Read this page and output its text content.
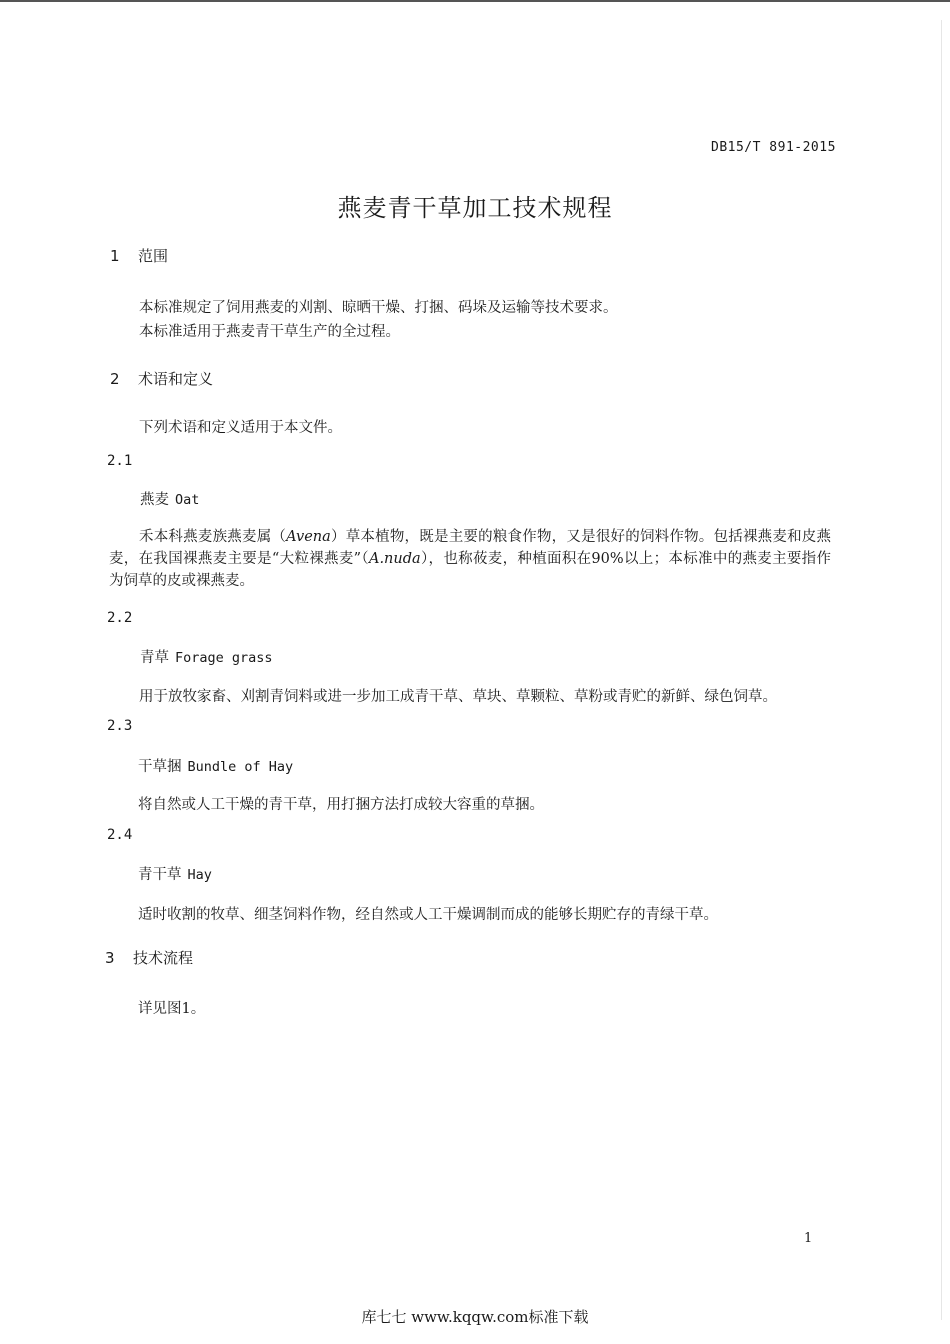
DB15/T 891-2015
燕麦青干草加工技术规程
1 范围
本标准规定了饲用燕麦的刈割、晾晒干燥、打捆、码垛及运输等技术要求。
本标准适用于燕麦青干草生产的全过程。
2 术语和定义
下列术语和定义适用于本文件。
2.1
燕麦 Oat
禾本科燕麦族燕麦属（Avena）草本植物，既是主要的粮食作物，又是很好的饲料作物。包括裸燕麦和皮燕麦，在我国裸燕麦主要是“大粒裸燕麦”（A.nuda），也称莜麦，种植面积在90%以上；本标准中的燕麦主要指作为饲草的皮或裸燕麦。
2.2
青草 Forage grass
用于放牧家畜、刈割青饲料或进一步加工成青干草、草块、草颗粒、草粉或青贮的新鲜、绿色饲草。
2.3
干草捆 Bundle of Hay
将自然或人工干燥的青干草，用打捆方法打成较大容重的草捆。
2.4
青干草 Hay
适时收割的牧草、细茎饲料作物，经自然或人工干燥调制而成的能够长期贮存的青绿干草。
3 技术流程
详见图1。
1
库七七 www.kqqw.com标准下载
